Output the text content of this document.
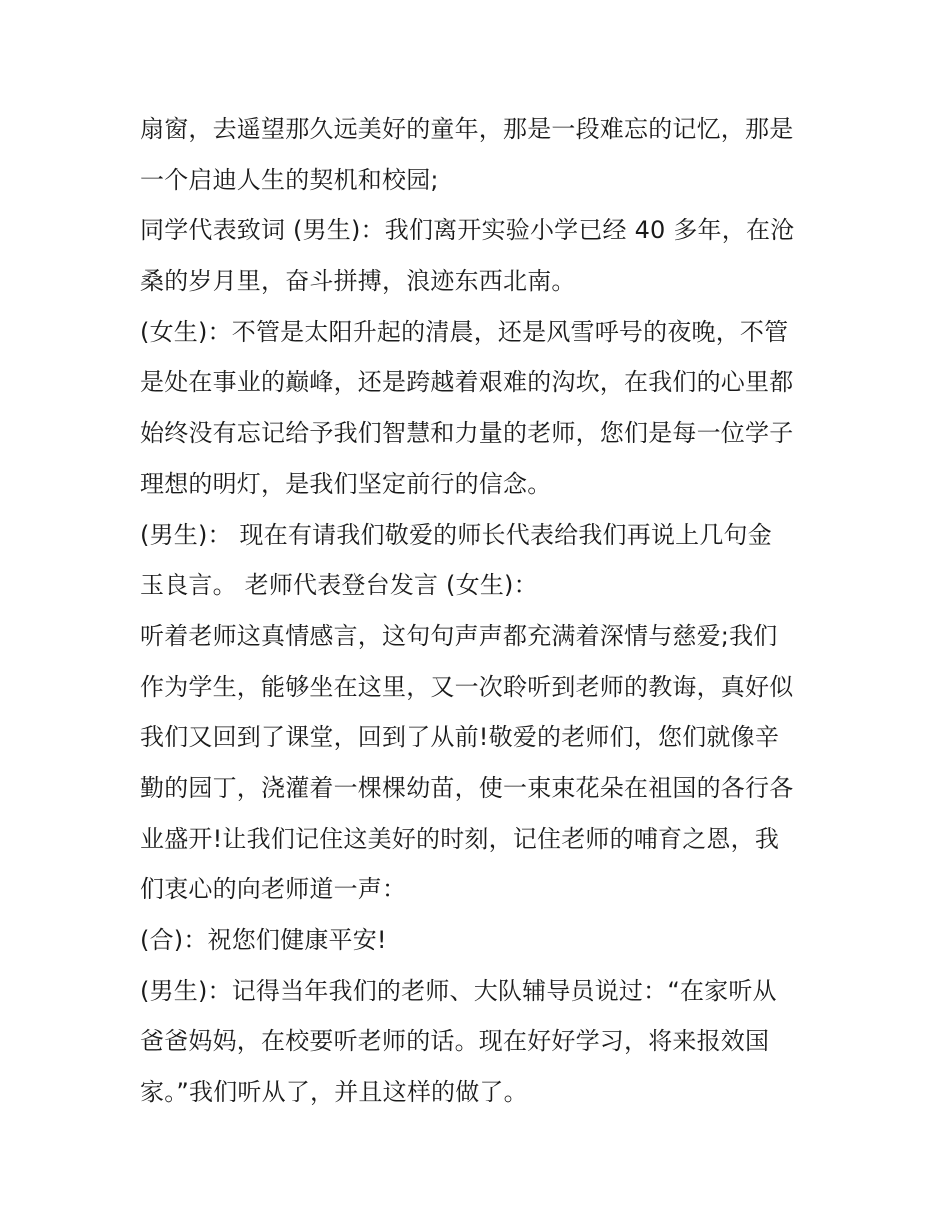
扇窗，去遥望那久远美好的童年，那是一段难忘的记忆，那是
一个启迪人生的契机和校园;
同学代表致词 (男生)：我们离开实验小学已经 40 多年，在沧
桑的岁月里，奋斗拼搏，浪迹东西北南。
(女生)：不管是太阳升起的清晨，还是风雪呼号的夜晚，不管
是处在事业的巅峰，还是跨越着艰难的沟坎，在我们的心里都
始终没有忘记给予我们智慧和力量的老师，您们是每一位学子
理想的明灯，是我们坚定前行的信念。
(男生)： 现在有请我们敬爱的师长代表给我们再说上几句金
玉良言。 老师代表登台发言 (女生)：
听着老师这真情感言，这句句声声都充满着深情与慈爱;我们
作为学生，能够坐在这里，又一次聆听到老师的教诲，真好似
我们又回到了课堂，回到了从前!敬爱的老师们，您们就像辛
勤的园丁，浇灌着一棵棵幼苗，使一束束花朵在祖国的各行各
业盛开!让我们记住这美好的时刻，记住老师的哺育之恩，我
们衷心的向老师道一声：
(合)：祝您们健康平安!
(男生)：记得当年我们的老师、大队辅导员说过：“在家听从
爸爸妈妈，在校要听老师的话。现在好好学习，将来报效国
家。”我们听从了，并且这样的做了。
